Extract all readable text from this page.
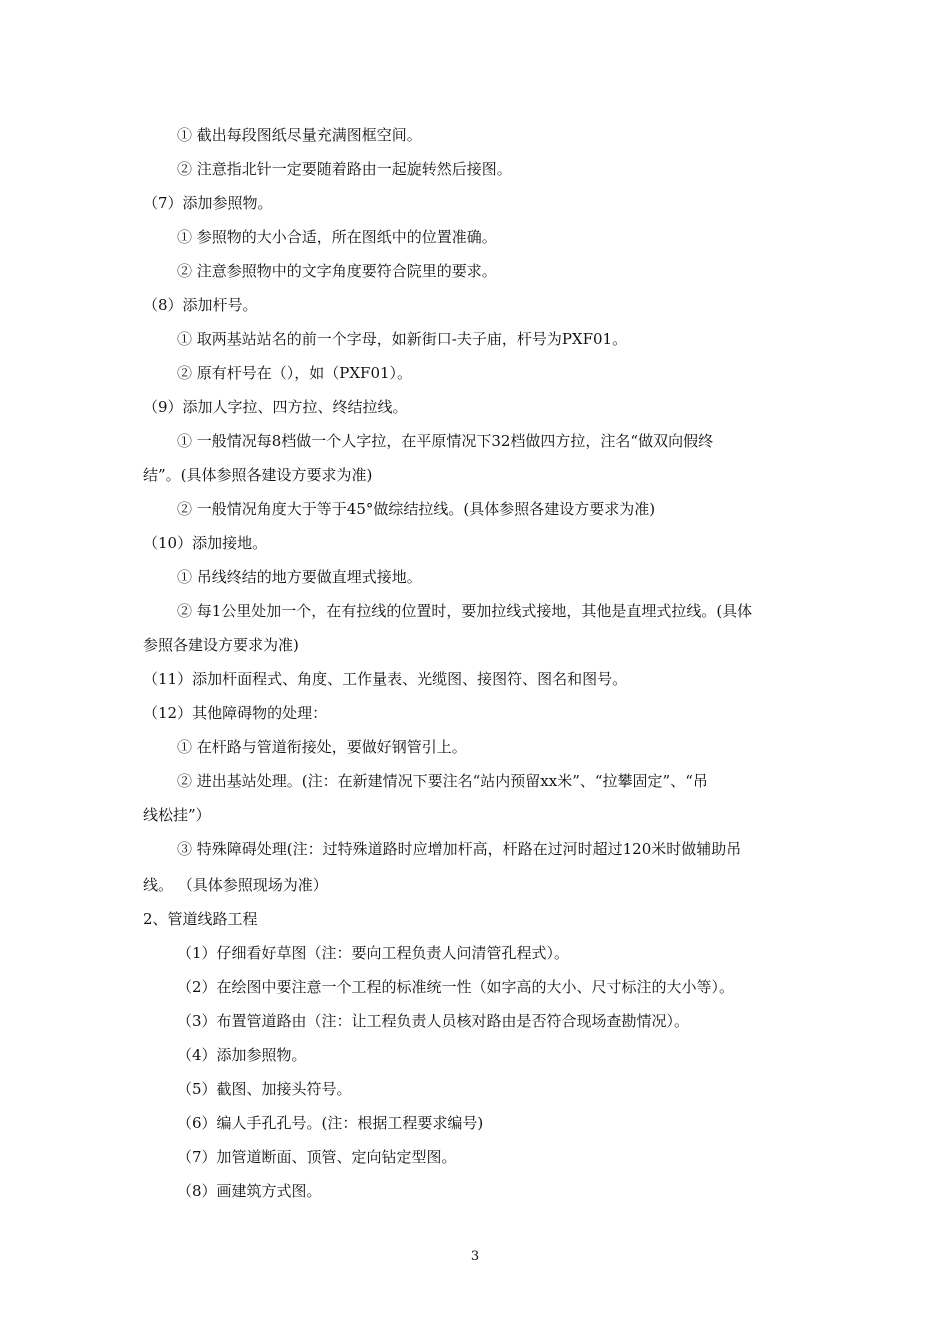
① 截出每段图纸尽量充满图框空间。
② 注意指北针一定要随着路由一起旋转然后接图。
（7）添加参照物。
① 参照物的大小合适，所在图纸中的位置准确。
② 注意参照物中的文字角度要符合院里的要求。
（8）添加杆号。
① 取两基站站名的前一个字母，如新街口-夫子庙，杆号为PXF01。
② 原有杆号在（），如（PXF01）。
（9）添加人字拉、四方拉、终结拉线。
① 一般情况每8档做一个人字拉，在平原情况下32档做四方拉，注名“做双向假终
结”。(具体参照各建设方要求为准)
② 一般情况角度大于等于45°做综结拉线。(具体参照各建设方要求为准)
（10）添加接地。
① 吊线终结的地方要做直埋式接地。
② 每1公里处加一个，在有拉线的位置时，要加拉线式接地，其他是直埋式拉线。(具体
参照各建设方要求为准)
（11）添加杆面程式、角度、工作量表、光缆图、接图符、图名和图号。
（12）其他障碍物的处理：
① 在杆路与管道衔接处，要做好钢管引上。
② 进出基站处理。(注：在新建情况下要注名“站内预留xx米”、“拉攀固定”、“吊
线松挂”）
③ 特殊障碍处理(注：过特殊道路时应增加杆高，杆路在过河时超过120米时做辅助吊
线。 （具体参照现场为准）
2、管道线路工程
（1）仔细看好草图（注：要向工程负责人问清管孔程式）。
（2）在绘图中要注意一个工程的标准统一性（如字高的大小、尺寸标注的大小等）。
（3）布置管道路由（注：让工程负责人员核对路由是否符合现场查勘情况）。
（4）添加参照物。
（5）截图、加接头符号。
（6）编人手孔孔号。(注：根据工程要求编号)
（7）加管道断面、顶管、定向钻定型图。
（8）画建筑方式图。
3
